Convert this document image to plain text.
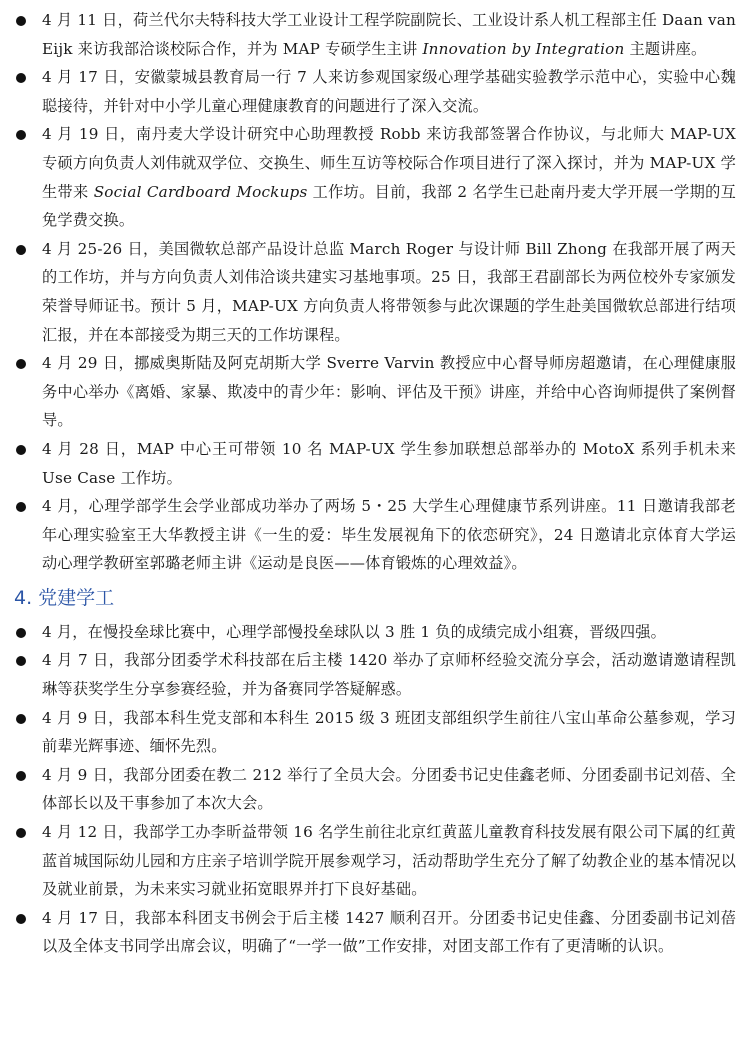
4 月 11 日，荷兰代尔夫特科技大学工业设计工程学院副院长、工业设计系人机工程部主任 Daan van Eijk 来访我部洽谈校际合作，并为 MAP 专硕学生主讲 Innovation by Integration 主题讲座。
4 月 17 日，安徽蒙城县教育局一行 7 人来访参观国家级心理学基础实验教学示范中心，实验中心魏聪接待，并针对中小学儿童心理健康教育的问题进行了深入交流。
4 月 19 日，南丹麦大学设计研究中心助理教授 Robb 来访我部签署合作协议，与北师大 MAP-UX 专硕方向负责人刘伟就双学位、交换生、师生互访等校际合作项目进行了深入探讨，并为 MAP-UX 学生带来 Social Cardboard Mockups 工作坊。目前，我部 2 名学生已赴南丹麦大学开展一学期的互免学费交换。
4 月 25-26 日，美国微软总部产品设计总监 March Roger 与设计师 Bill Zhong 在我部开展了两天的工作坊，并与方向负责人刘伟洽谈共建实习基地事项。25 日，我部王君副部长为两位校外专家颁发荣誉导师证书。预计 5 月，MAP-UX 方向负责人将带领参与此次课题的学生赴美国微软总部进行结项汇报，并在本部接受为期三天的工作坊课程。
4 月 29 日，挪威奥斯陆及阿克胡斯大学 Sverre Varvin 教授应中心督导师房超邀请，在心理健康服务中心举办《离婚、家暴、欺凌中的青少年：影响、评估及干预》讲座，并给中心咨询师提供了案例督导。
4 月 28 日，MAP 中心王可带领 10 名 MAP-UX 学生参加联想总部举办的 MotoX 系列手机未来 Use Case 工作坊。
4 月，心理学部学生会学业部成功举办了两场 5・25 大学生心理健康节系列讲座。11 日邀请我部老年心理实验室王大华教授主讲《一生的爱：毕生发展视角下的依恋研究》，24 日邀请北京体育大学运动心理学教研室郭璐老师主讲《运动是良医——体育锻炼的心理效益》。
4. 党建学工
4 月，在慢投垒球比赛中，心理学部慢投垒球队以 3 胜 1 负的成绩完成小组赛，晋级四强。
4 月 7 日，我部分团委学术科技部在后主楼 1420 举办了京师杯经验交流分享会，活动邀请邀请程凯琳等获奖学生分享参赛经验，并为备赛同学答疑解惑。
4 月 9 日，我部本科生党支部和本科生 2015 级 3 班团支部组织学生前往八宝山革命公墓参观，学习前辈光辉事迹、缅怀先烈。
4 月 9 日，我部分团委在教二 212 举行了全员大会。分团委书记史佳鑫老师、分团委副书记刘蓓、全体部长以及干事参加了本次大会。
4 月 12 日，我部学工办李昕益带领 16 名学生前往北京红黄蓝儿童教育科技发展有限公司下属的红黄蓝首城国际幼儿园和方庄亲子培训学院开展参观学习，活动帮助学生充分了解了幼教企业的基本情况以及就业前景，为未来实习就业拓宽眼界并打下良好基础。
4 月 17 日，我部本科团支书例会于后主楼 1427 顺利召开。分团委书记史佳鑫、分团委副书记刘蓓以及全体支书同学出席会议，明确了“一学一做”工作安排，对团支部工作有了更清晰的认识。
